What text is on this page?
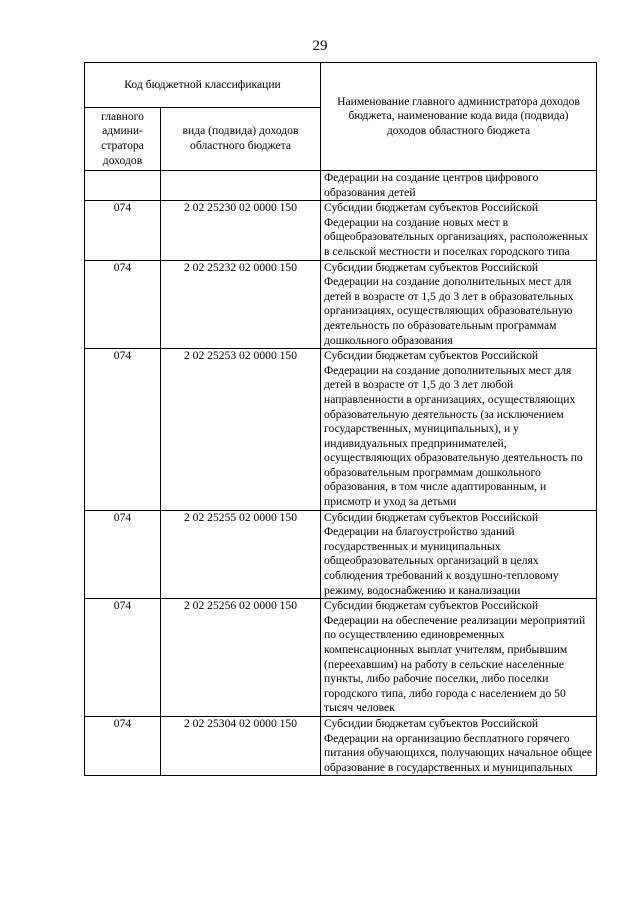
29
Код бюджетной классификации		Наименование главного администратора доходов бюджета, наименование кода вида (подвида) доходов областного бюджета
главного админи-стратора доходов	вида (подвида) доходов областного бюджета	
		Федерации на создание центров цифрового образования детей
074	2 02 25230 02 0000 150	Субсидии бюджетам субъектов Российской Федерации на создание новых мест в общеобразовательных организациях, расположенных в сельской местности и поселках городского типа
074	2 02 25232 02 0000 150	Субсидии бюджетам субъектов Российской Федерации на создание дополнительных мест для детей в возрасте от 1,5 до 3 лет в образовательных организациях, осуществляющих образовательную деятельность по образовательным программам дошкольного образования
074	2 02 25253 02 0000 150	Субсидии бюджетам субъектов Российской Федерации на создание дополнительных мест для детей в возрасте от 1,5 до 3 лет любой направленности в организациях, осуществляющих образовательную деятельность (за исключением государственных, муниципальных), и у индивидуальных предпринимателей, осуществляющих образовательную деятельность по образовательным программам дошкольного образования, в том числе адаптированным, и присмотр и уход за детьми
074	2 02 25255 02 0000 150	Субсидии бюджетам субъектов Российской Федерации на благоустройство зданий государственных и муниципальных общеобразовательных организаций в целях соблюдения требований к воздушно-тепловому режиму, водоснабжению и канализации
074	2 02 25256 02 0000 150	Субсидии бюджетам субъектов Российской Федерации на обеспечение реализации мероприятий по осуществлению единовременных компенсационных выплат учителям, прибывшим (переехавшим) на работу в сельские населенные пункты, либо рабочие поселки, либо поселки городского типа, либо города с населением до 50 тысяч человек
074	2 02 25304 02 0000 150	Субсидии бюджетам субъектов Российской Федерации на организацию бесплатного горячего питания обучающихся, получающих начальное общее образование в государственных и муниципальных
